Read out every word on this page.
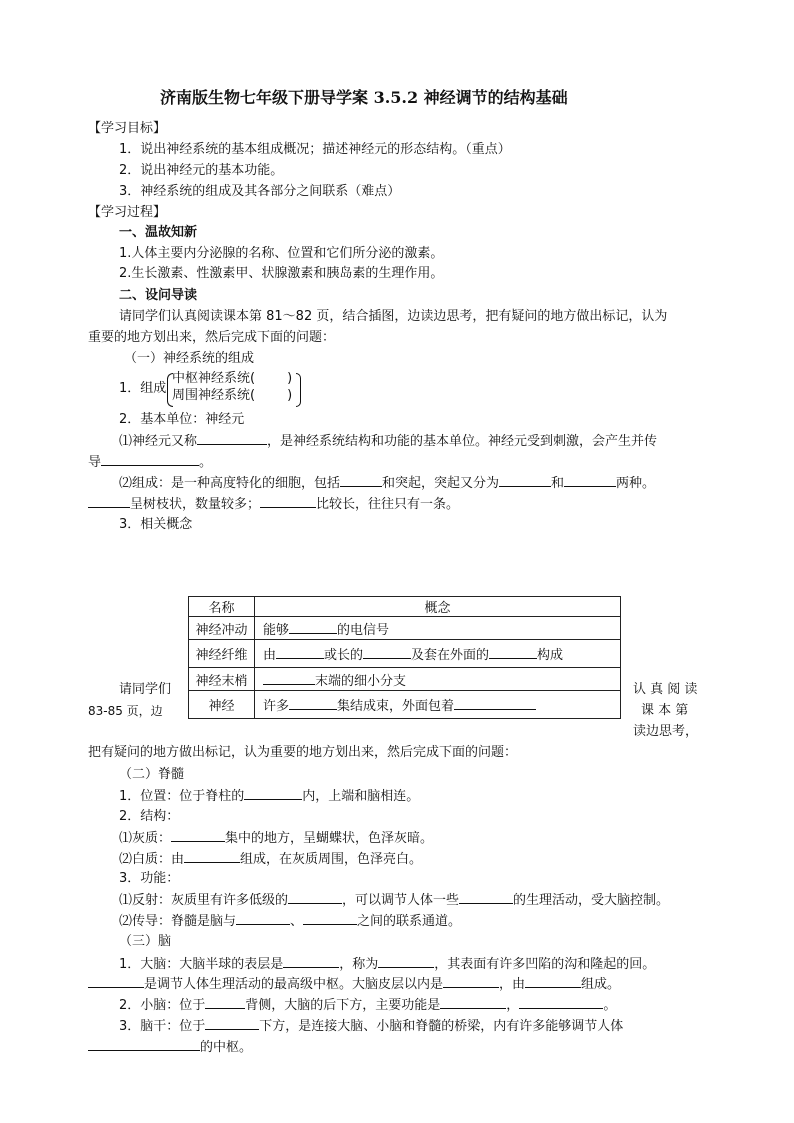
济南版生物七年级下册导学案 3.5.2 神经调节的结构基础
【学习目标】
1．说出神经系统的基本组成概况；描述神经元的形态结构。（重点）
2．说出神经元的基本功能。
3．神经系统的组成及其各部分之间联系（难点）
【学习过程】
一、温故知新
1.人体主要内分泌腺的名称、位置和它们所分泌的激素。
2.生长激素、性激素甲、状腺激素和胰岛素的生理作用。
二、设问导读
请同学们认真阅读课本第 81～82 页，结合插图，边读边思考，把有疑问的地方做出标记，认为
重要的地方划出来，然后完成下面的问题：
（一）神经系统的组成
1．组成
中枢神经系统( )
周围神经系统( )
2．基本单位：神经元
⑴神经元又称	，是神经系统结构和功能的基本单位。神经元受到刺激，会产生并传
导	。
⑵组成：是一种高度特化的细胞，包括	和突起，突起又分为	和	两种。
呈树枝状，数量较多；	比较长，往往只有一条。
3．相关概念
名称	概念
神经冲动	能够 的电信号
神经纤维	由 或长的 及套在外面的 构成
神经末梢	末端的细小分支
神经	许多 集结成束，外面包着
请同学们
83-85 页，边
认 真 阅 读
课 本 第
读边思考，
把有疑问的地方做出标记，认为重要的地方划出来，然后完成下面的问题：
（二）脊髓
1．位置：位于脊柱的	内，上端和脑相连。
2．结构：
⑴灰质：	集中的地方，呈蝴蝶状，色泽灰暗。
⑵白质：由	组成，在灰质周围，色泽亮白。
3．功能：
⑴反射：灰质里有许多低级的	，可以调节人体一些	的生理活动，受大脑控制。
⑵传导：脊髓是脑与	、	之间的联系通道。
（三）脑
1．大脑：大脑半球的表层是	，称为	，其表面有许多凹陷的沟和隆起的回。
是调节人体生理活动的最高级中枢。大脑皮层以内是	，由	组成。
2．小脑：位于	背侧，大脑的后下方，主要功能是	，	。
3．脑干：位于	下方，是连接大脑、小脑和脊髓的桥梁，内有许多能够调节人体
的中枢。
